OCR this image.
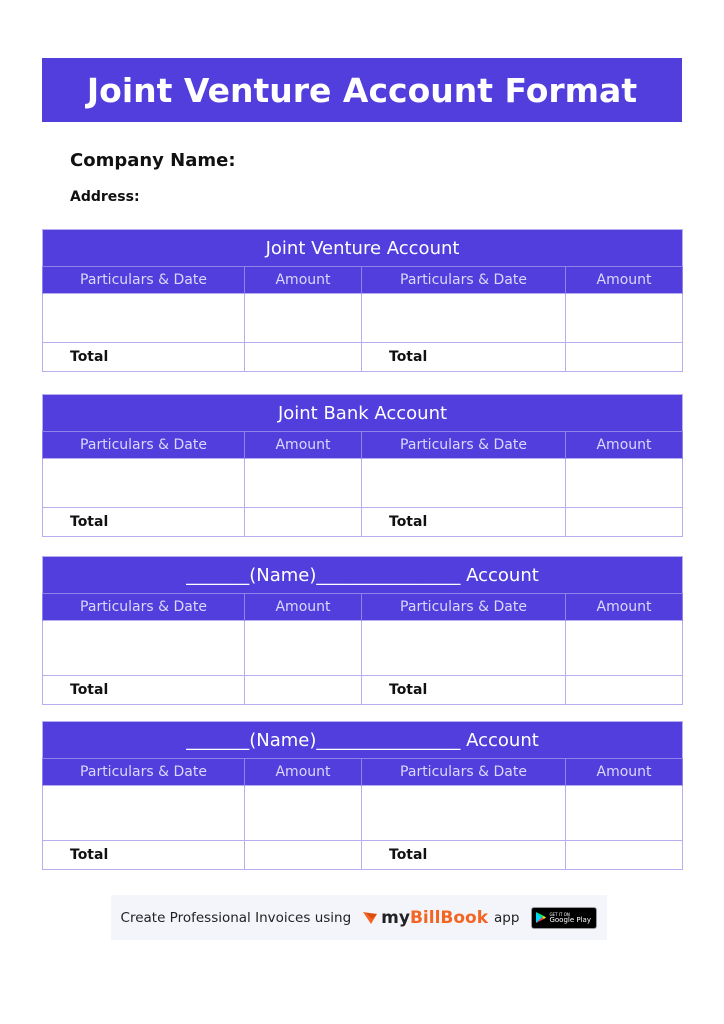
Joint Venture Account Format
Company Name:
Address:
Joint Venture Account			
Particulars & Date	Amount	Particulars & Date	Amount

Total		Total	
Joint Bank Account			
Particulars & Date	Amount	Particulars & Date	Amount

Total		Total	
_______(Name)________________ Account			
Particulars & Date	Amount	Particulars & Date	Amount

Total		Total	
_______(Name)________________ Account			
Particulars & Date	Amount	Particulars & Date	Amount

Total		Total	
Create Professional Invoices using myBillBook app	GET IT ON
Google Play
